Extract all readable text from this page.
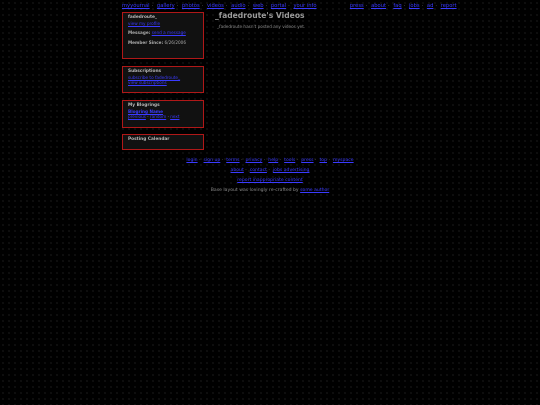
myyournal · gallery · photos · videos · audio · web · portal · your info	press · about · faq · jobs · ad · report
fadedroute_
view my profile
Message: send a message
Member Since: 6/26/2006
Subscriptions
subscribe to fadedroute_
view subscriptions
My Blogrings
Blogring Name
previous · random · next
Posting Calendar
_fadedroute's Videos
_fadedroute hasn't posted any videos yet.
login · sign up · terms · privacy · help · tools · press · top · myspace
about · contact · jobs advertising
report inappropriate content
Base layout was lovingly re-crafted by some author
